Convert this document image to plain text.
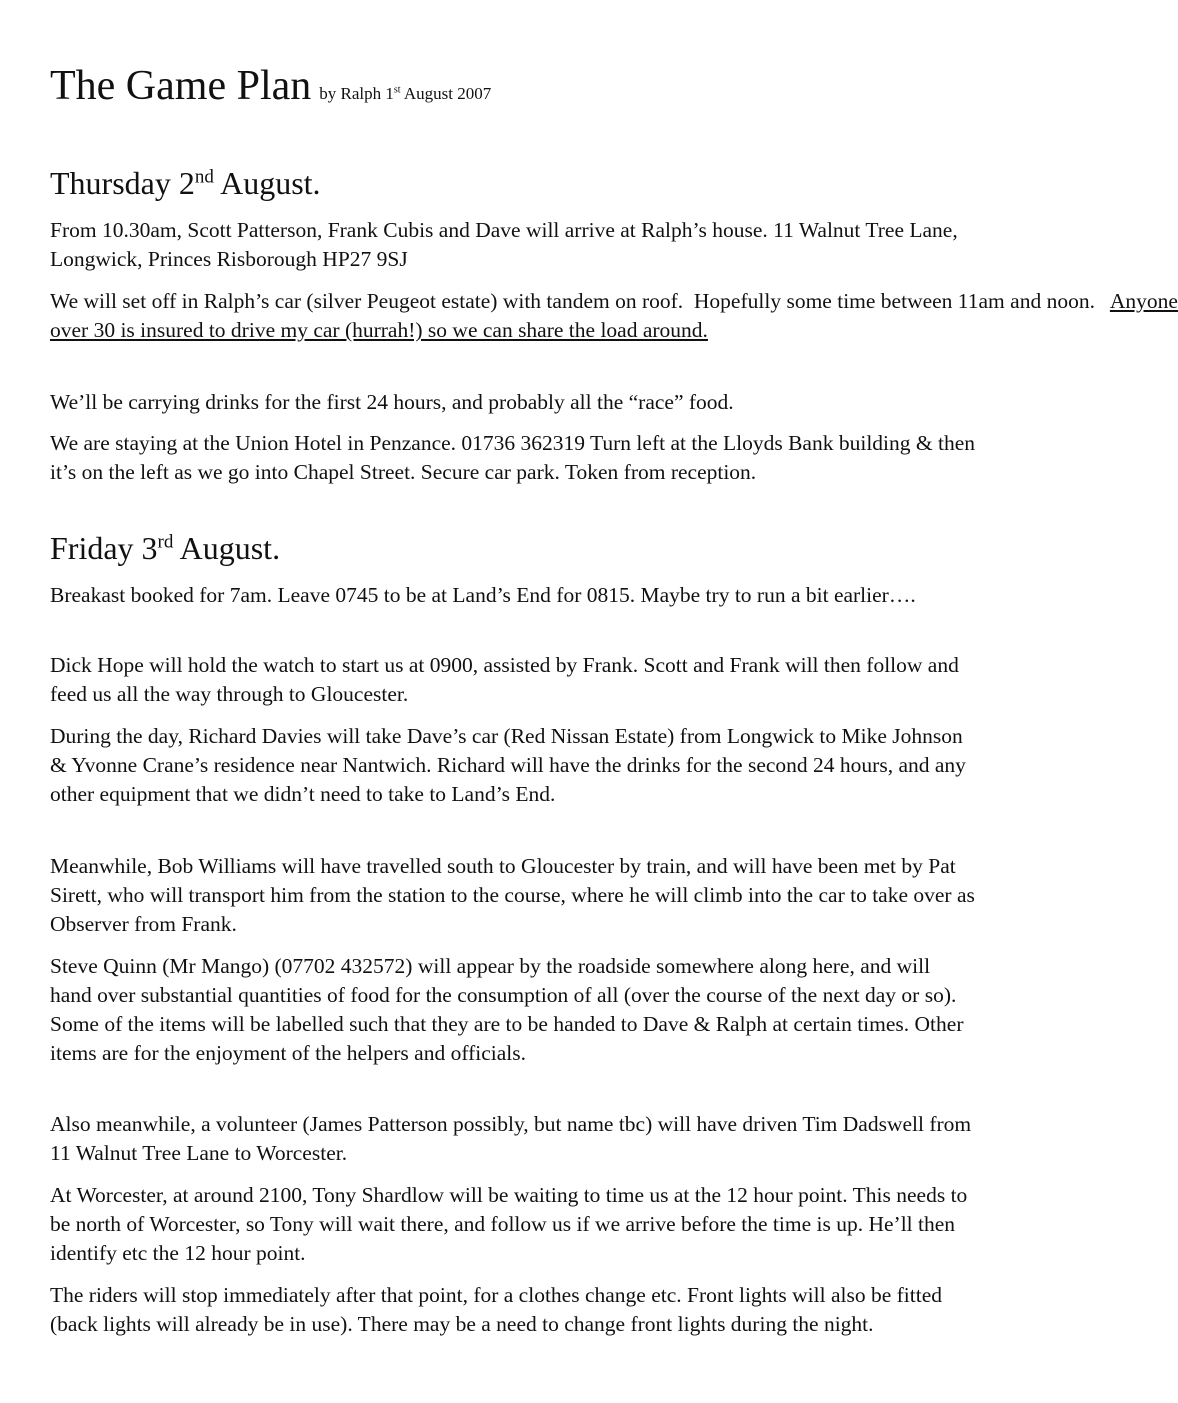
The Game Plan by Ralph 1st August 2007
Thursday 2nd August.

From 10.30am, Scott Patterson, Frank Cubis and Dave will arrive at Ralph’s house. 11 Walnut Tree Lane, Longwick, Princes Risborough HP27 9SJ

We will set off in Ralph’s car (silver Peugeot estate) with tandem on roof.  Hopefully some time between 11am and noon.   Anyone over 30 is insured to drive my car (hurrah!) so we can share the load around.

We’ll be carrying drinks for the first 24 hours, and probably all the “race” food.

We are staying at the Union Hotel in Penzance. 01736 362319 Turn left at the Lloyds Bank building & then it’s on the left as we go into Chapel Street. Secure car park. Token from reception.

Friday 3rd August.

Breakast booked for 7am. Leave 0745 to be at Land’s End for 0815. Maybe try to run a bit earlier….

Dick Hope will hold the watch to start us at 0900, assisted by Frank. Scott and Frank will then follow and feed us all the way through to Gloucester.

During the day, Richard Davies will take Dave’s car (Red Nissan Estate) from Longwick to Mike Johnson & Yvonne Crane’s residence near Nantwich. Richard will have the drinks for the second 24 hours, and any other equipment that we didn’t need to take to Land’s End.

Meanwhile, Bob Williams will have travelled south to Gloucester by train, and will have been met by Pat Sirett, who will transport him from the station to the course, where he will climb into the car to take over as Observer from Frank.

Steve Quinn (Mr Mango) (07702 432572) will appear by the roadside somewhere along here, and will hand over substantial quantities of food for the consumption of all (over the course of the next day or so). Some of the items will be labelled such that they are to be handed to Dave & Ralph at certain times. Other items are for the enjoyment of the helpers and officials.

Also meanwhile, a volunteer (James Patterson possibly, but name tbc) will have driven Tim Dadswell from 11 Walnut Tree Lane to Worcester.

At Worcester, at around 2100, Tony Shardlow will be waiting to time us at the 12 hour point. This needs to be north of Worcester, so Tony will wait there, and follow us if we arrive before the time is up. He’ll then identify etc the 12 hour point.

The riders will stop immediately after that point, for a clothes change etc. Front lights will also be fitted (back lights will already be in use). There may be a need to change front lights during the night.
